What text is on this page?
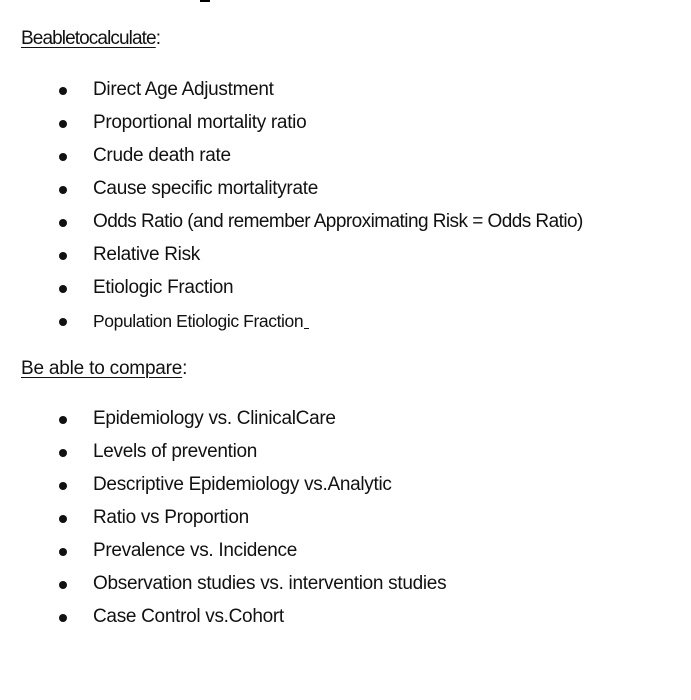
Beabletocalculate:
Direct Age Adjustment
Proportional mortality ratio
Crude death rate
Cause specific mortalityrate
Odds Ratio (and remember Approximating Risk = Odds Ratio)
Relative Risk
Etiologic Fraction
Population Etiologic Fraction
Be able to compare:
Epidemiology vs. ClinicalCare
Levels of prevention
Descriptive Epidemiology vs.Analytic
Ratio vs Proportion
Prevalence vs. Incidence
Observation studies vs. intervention studies
Case Control vs.Cohort
